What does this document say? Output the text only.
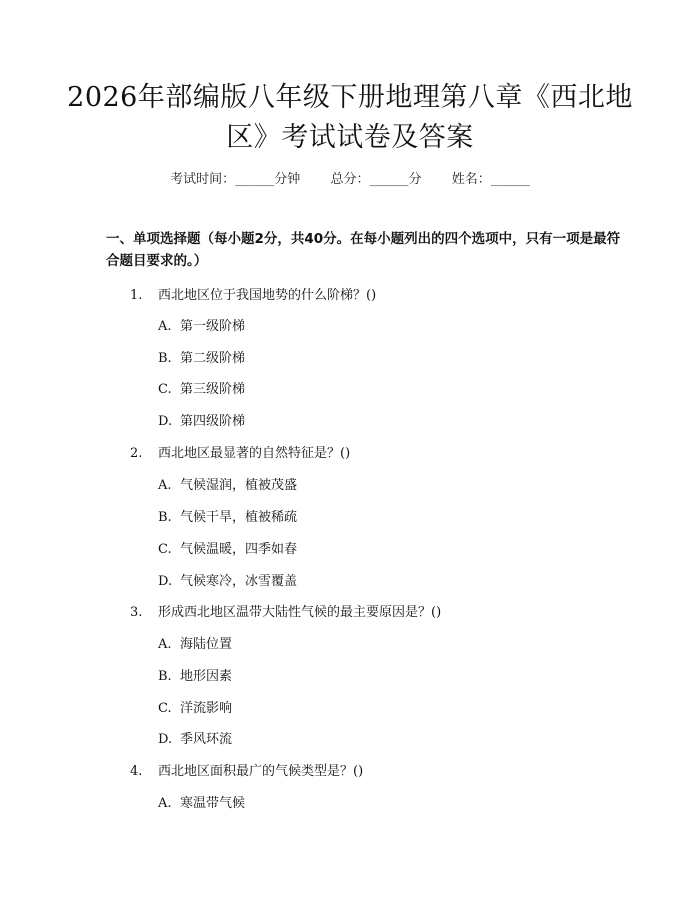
2026年部编版八年级下册地理第八章《西北地区》考试试卷及答案
考试时间：______分钟 总分：______分 姓名：______
一、单项选择题（每小题2分，共40分。在每小题列出的四个选项中，只有一项是最符合题目要求的。）
1. 西北地区位于我国地势的什么阶梯？()
A. 第一级阶梯
B. 第二级阶梯
C. 第三级阶梯
D. 第四级阶梯
2. 西北地区最显著的自然特征是？()
A. 气候湿润，植被茂盛
B. 气候干旱，植被稀疏
C. 气候温暖，四季如春
D. 气候寒冷，冰雪覆盖
3. 形成西北地区温带大陆性气候的最主要原因是？()
A. 海陆位置
B. 地形因素
C. 洋流影响
D. 季风环流
4. 西北地区面积最广的气候类型是？()
A. 寒温带气候
